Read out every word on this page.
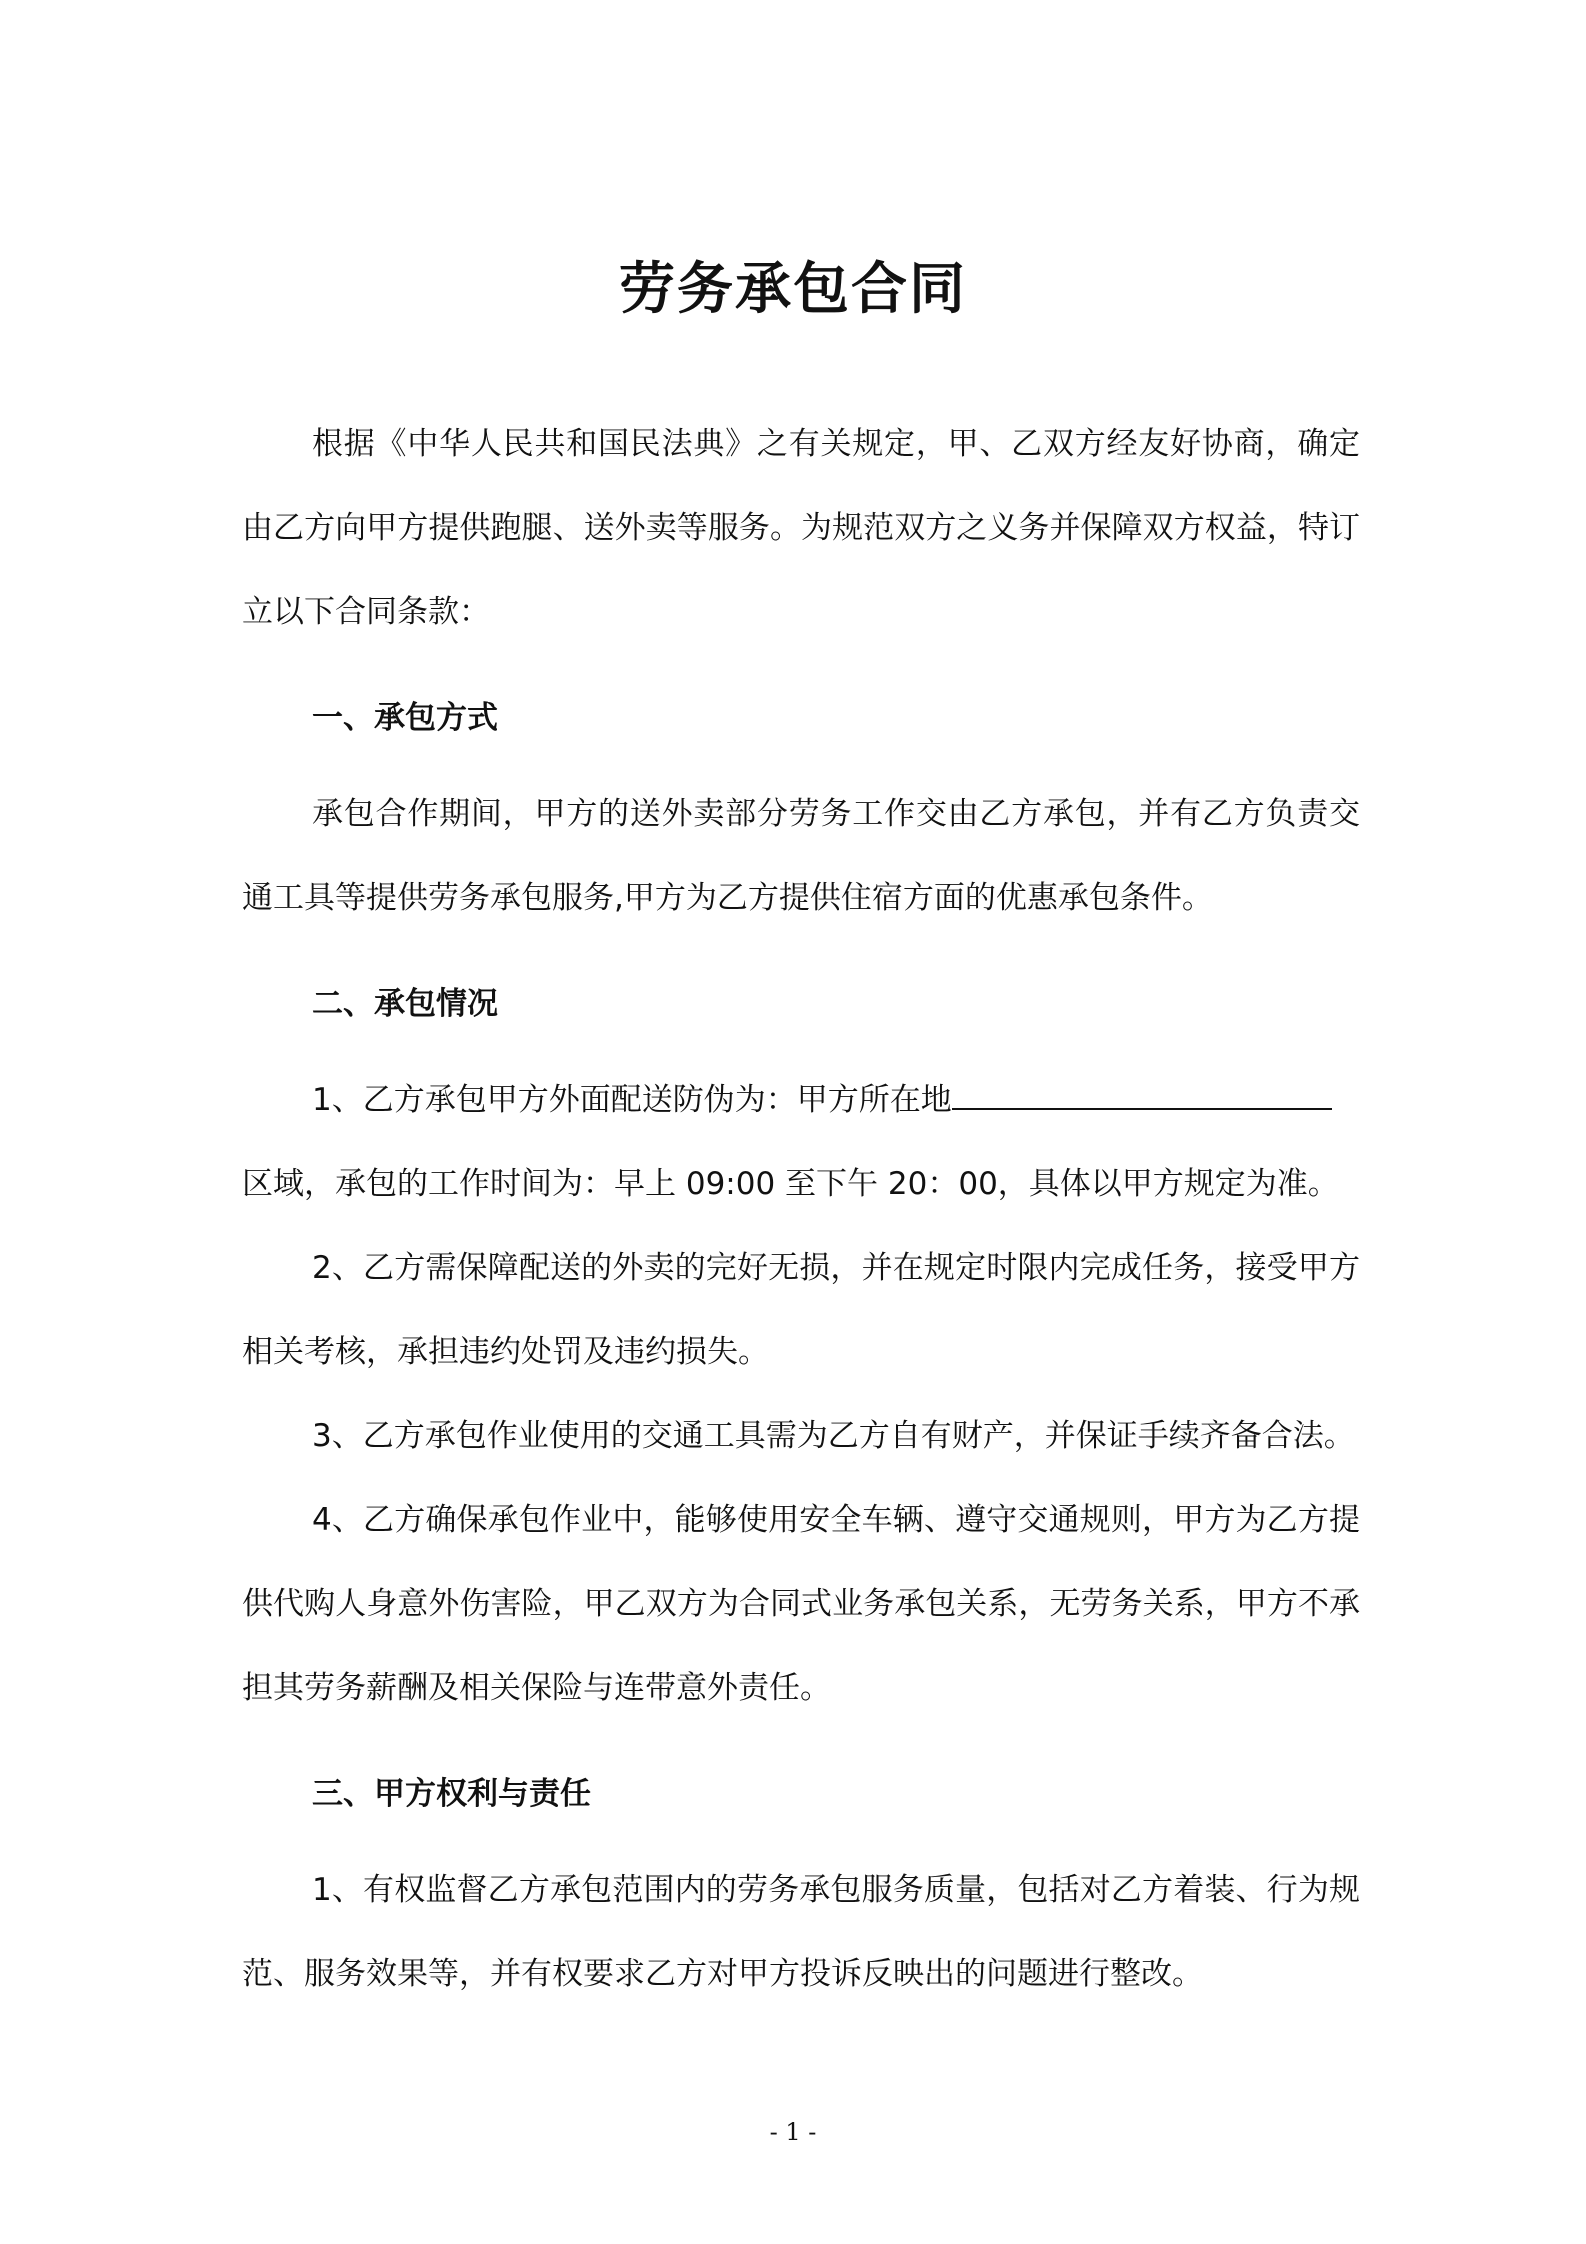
劳务承包合同

根据《中华人民共和国民法典》之有关规定，甲、乙双方经友好协商，确定由乙方向甲方提供跑腿、送外卖等服务。为规范双方之义务并保障双方权益，特订立以下合同条款：

一、承包方式

承包合作期间，甲方的送外卖部分劳务工作交由乙方承包，并有乙方负责交通工具等提供劳务承包服务,甲方为乙方提供住宿方面的优惠承包条件。

二、承包情况

1、乙方承包甲方外面配送防伪为：甲方所在地
区域，承包的工作时间为：早上 09:00 至下午 20：00，具体以甲方规定为准。

2、乙方需保障配送的外卖的完好无损，并在规定时限内完成任务，接受甲方相关考核，承担违约处罚及违约损失。

3、乙方承包作业使用的交通工具需为乙方自有财产，并保证手续齐备合法。

4、乙方确保承包作业中，能够使用安全车辆、遵守交通规则，甲方为乙方提供代购人身意外伤害险，甲乙双方为合同式业务承包关系，无劳务关系，甲方不承担其劳务薪酬及相关保险与连带意外责任。

三、甲方权利与责任

1、有权监督乙方承包范围内的劳务承包服务质量，包括对乙方着装、行为规范、服务效果等，并有权要求乙方对甲方投诉反映出的问题进行整改。

- 1 -
